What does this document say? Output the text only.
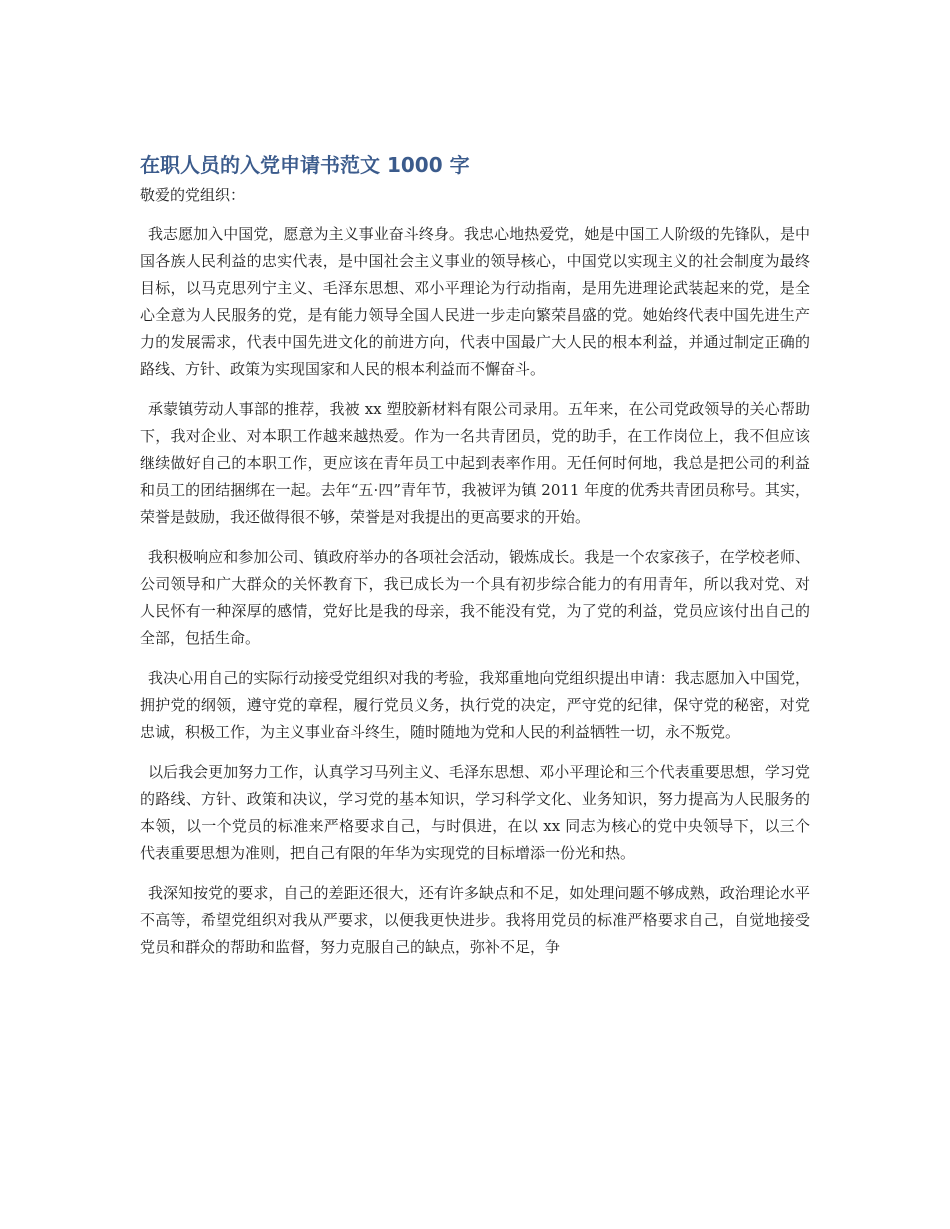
在职人员的入党申请书范文 1000 字

敬爱的党组织：

我志愿加入中国党，愿意为主义事业奋斗终身。我忠心地热爱党，她是中国工人阶级的先锋队，是中国各族人民利益的忠实代表，是中国社会主义事业的领导核心，中国党以实现主义的社会制度为最终目标，以马克思列宁主义、毛泽东思想、邓小平理论为行动指南，是用先进理论武装起来的党，是全心全意为人民服务的党，是有能力领导全国人民进一步走向繁荣昌盛的党。她始终代表中国先进生产力的发展需求，代表中国先进文化的前进方向，代表中国最广大人民的根本利益，并通过制定正确的路线、方针、政策为实现国家和人民的根本利益而不懈奋斗。

承蒙镇劳动人事部的推荐，我被 xx 塑胶新材料有限公司录用。五年来，在公司党政领导的关心帮助下，我对企业、对本职工作越来越热爱。作为一名共青团员，党的助手，在工作岗位上，我不但应该继续做好自己的本职工作，更应该在青年员工中起到表率作用。无任何时何地，我总是把公司的利益和员工的团结捆绑在一起。去年“五·四”青年节，我被评为镇 2011 年度的优秀共青团员称号。其实，荣誉是鼓励，我还做得很不够，荣誉是对我提出的更高要求的开始。

我积极响应和参加公司、镇政府举办的各项社会活动，锻炼成长。我是一个农家孩子，在学校老师、公司领导和广大群众的关怀教育下，我已成长为一个具有初步综合能力的有用青年，所以我对党、对人民怀有一种深厚的感情，党好比是我的母亲，我不能没有党，为了党的利益，党员应该付出自己的全部，包括生命。

我决心用自己的实际行动接受党组织对我的考验，我郑重地向党组织提出申请：我志愿加入中国党，拥护党的纲领，遵守党的章程，履行党员义务，执行党的决定，严守党的纪律，保守党的秘密，对党忠诚，积极工作，为主义事业奋斗终生，随时随地为党和人民的利益牺牲一切，永不叛党。

以后我会更加努力工作，认真学习马列主义、毛泽东思想、邓小平理论和三个代表重要思想，学习党的路线、方针、政策和决议，学习党的基本知识，学习科学文化、业务知识，努力提高为人民服务的本领，以一个党员的标准来严格要求自己，与时俱进，在以 xx 同志为核心的党中央领导下，以三个代表重要思想为准则，把自己有限的年华为实现党的目标增添一份光和热。

我深知按党的要求，自己的差距还很大，还有许多缺点和不足，如处理问题不够成熟，政治理论水平不高等，希望党组织对我从严要求，以便我更快进步。我将用党员的标准严格要求自己，自觉地接受党员和群众的帮助和监督，努力克服自己的缺点，弥补不足，争
